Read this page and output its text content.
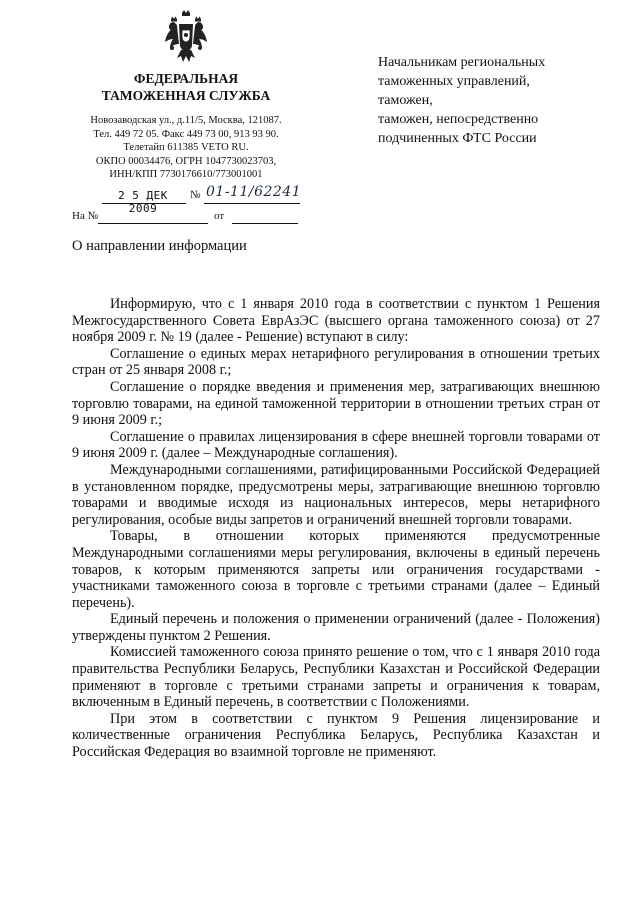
ФЕДЕРАЛЬНАЯ
ТАМОЖЕННАЯ СЛУЖБА
Новозаводская ул., д.11/5, Москва, 121087.
Тел. 449 72 05. Факс 449 73 00, 913 93 90.
Телетайп 611385 VETO RU.
ОКПО 00034476, ОГРН 1047730023703,
ИНН/КПП 7730176610/773001001
2 5 ДЕК 2009
№ 01-11/62241
На №	от
Начальникам региональных
таможенных управлений,
таможен,
таможен, непосредственно
подчиненных ФТС России
О направлении информации

Информирую, что с 1 января 2010 года в соответствии с пунктом 1 Решения Межгосударственного Совета ЕврАзЭС (высшего органа таможенного союза) от 27 ноября 2009 г. № 19 (далее - Решение) вступают в силу:

Соглашение о единых мерах нетарифного регулирования в отношении третьих стран от 25 января 2008 г.;

Соглашение о порядке введения и применения мер, затрагивающих внешнюю торговлю товарами, на единой таможенной территории в отношении третьих стран от 9 июня 2009 г.;

Соглашение о правилах лицензирования в сфере внешней торговли товарами от 9 июня 2009 г. (далее – Международные соглашения).

Международными соглашениями, ратифицированными Российской Федерацией в установленном порядке, предусмотрены меры, затрагивающие внешнюю торговлю товарами и вводимые исходя из национальных интересов, меры нетарифного регулирования, особые виды запретов и ограничений внешней торговли товарами.

Товары, в отношении которых применяются предусмотренные Международными соглашениями меры регулирования, включены в единый перечень товаров, к которым применяются запреты или ограничения государствами - участниками таможенного союза в торговле с третьими странами (далее – Единый перечень).

Единый перечень и положения о применении ограничений (далее - Положения) утверждены пунктом 2 Решения.

Комиссией таможенного союза принято решение о том, что с 1 января 2010 года правительства Республики Беларусь, Республики Казахстан и Российской Федерации применяют в торговле с третьими странами запреты и ограничения к товарам, включенным в Единый перечень, в соответствии с Положениями.

При этом в соответствии с пунктом 9 Решения лицензирование и количественные ограничения Республика Беларусь, Республика Казахстан и Российская Федерация во взаимной торговле не применяют.
